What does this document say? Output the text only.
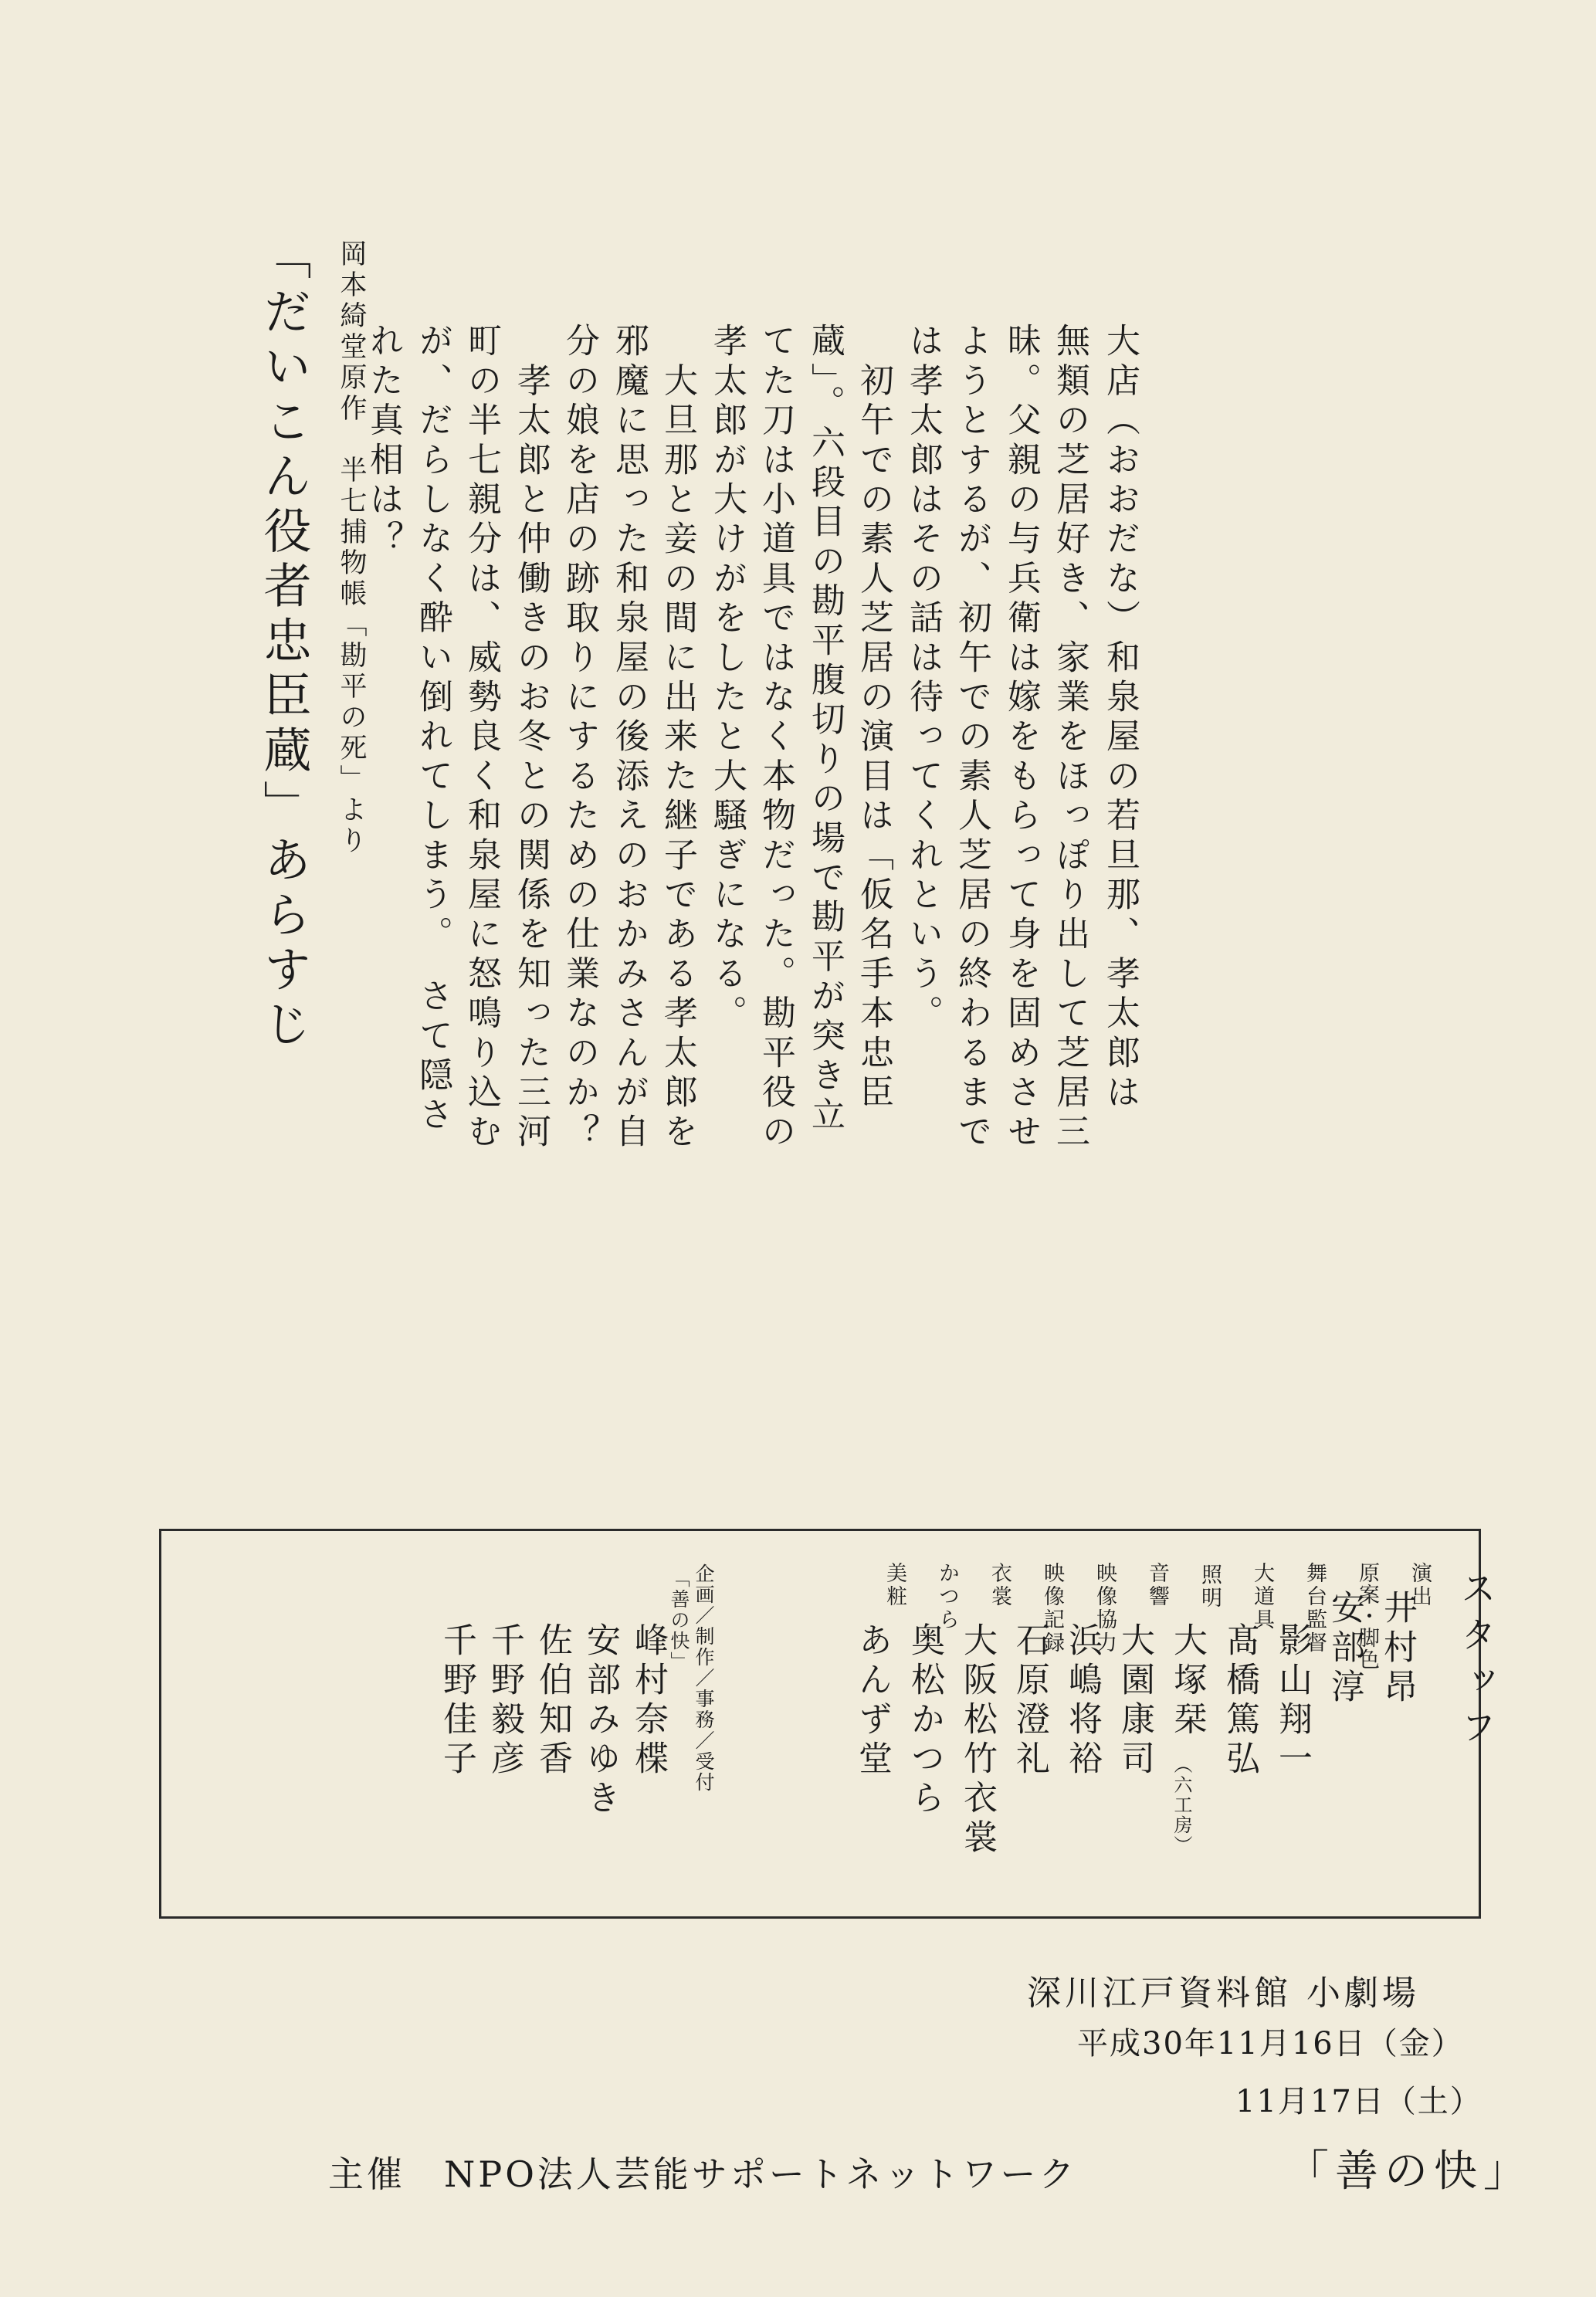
岡本綺堂原作　半七捕物帳「勘平の死」より
「だいこん役者忠臣蔵」あらすじ	大店（おおだな）和泉屋の若旦那、孝太郎は
無類の芝居好き、家業をほっぽり出して芝居三
昧。父親の与兵衛は嫁をもらって身を固めさせ
ようとするが、初午での素人芝居の終わるまで
は孝太郎はその話は待ってくれという。
　初午での素人芝居の演目は「仮名手本忠臣
蔵」。六段目の勘平腹切りの場で勘平が突き立
てた刀は小道具ではなく本物だった。勘平役の
孝太郎が大けがをしたと大騒ぎになる。
　大旦那と妾の間に出来た継子である孝太郎を
邪魔に思った和泉屋の後添えのおかみさんが自
分の娘を店の跡取りにするための仕業なのか？
　孝太郎と仲働きのお冬との関係を知った三河
町の半七親分は、威勢良く和泉屋に怒鳴り込む
が、だらしなく酔い倒れてしまう。　さて隠さ
れた真相は？
スタッフ
演出
井村昂
原案・脚色
安部淳
舞台監督
影山翔一
大道具
髙橋篤弘
照明
大塚栞
（六工房）
音響
大園康司
映像協力
浜嶋将裕
映像記録
石原澄礼
衣裳
大阪松竹衣裳
かつら
奥松かつら
美粧
あんず堂
企画／制作／事務／受付
「善の快」
峰村奈楪
安部みゆき
佐伯知香
千野毅彦
千野佳子
深川江戸資料館 小劇場
平成30年11月16日（金）
11月17日（土）
主催　NPO法人芸能サポートネットワーク	「善の快」
